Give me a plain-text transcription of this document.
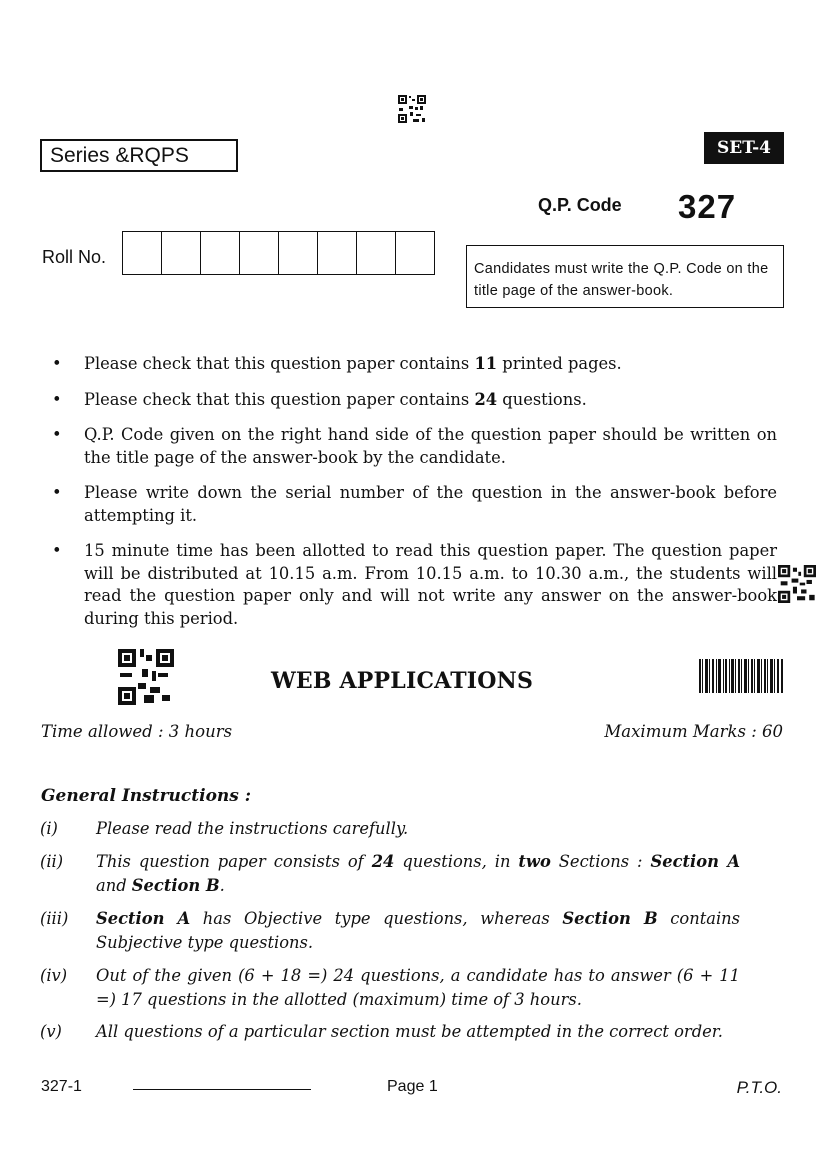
Series &RQPS	SET-4
Q.P. Code 327
Roll No.
Candidates must write the Q.P. Code on the title page of the answer-book.
• Please check that this question paper contains 11 printed pages.
• Please check that this question paper contains 24 questions.
• Q.P. Code given on the right hand side of the question paper should be written on the title page of the answer-book by the candidate.
• Please write down the serial number of the question in the answer-book before attempting it.
• 15 minute time has been allotted to read this question paper. The question paper will be distributed at 10.15 a.m. From 10.15 a.m. to 10.30 a.m., the students will read the question paper only and will not write any answer on the answer-book during this period.
WEB APPLICATIONS
Time allowed : 3 hours	Maximum Marks : 60
General Instructions :
(i) Please read the instructions carefully.
(ii) This question paper consists of 24 questions, in two Sections : Section A and Section B.
(iii) Section A has Objective type questions, whereas Section B contains Subjective type questions.
(iv) Out of the given (6 + 18 =) 24 questions, a candidate has to answer (6 + 11 =) 17 questions in the allotted (maximum) time of 3 hours.
(v) All questions of a particular section must be attempted in the correct order.
327-1	Page 1	P.T.O.
